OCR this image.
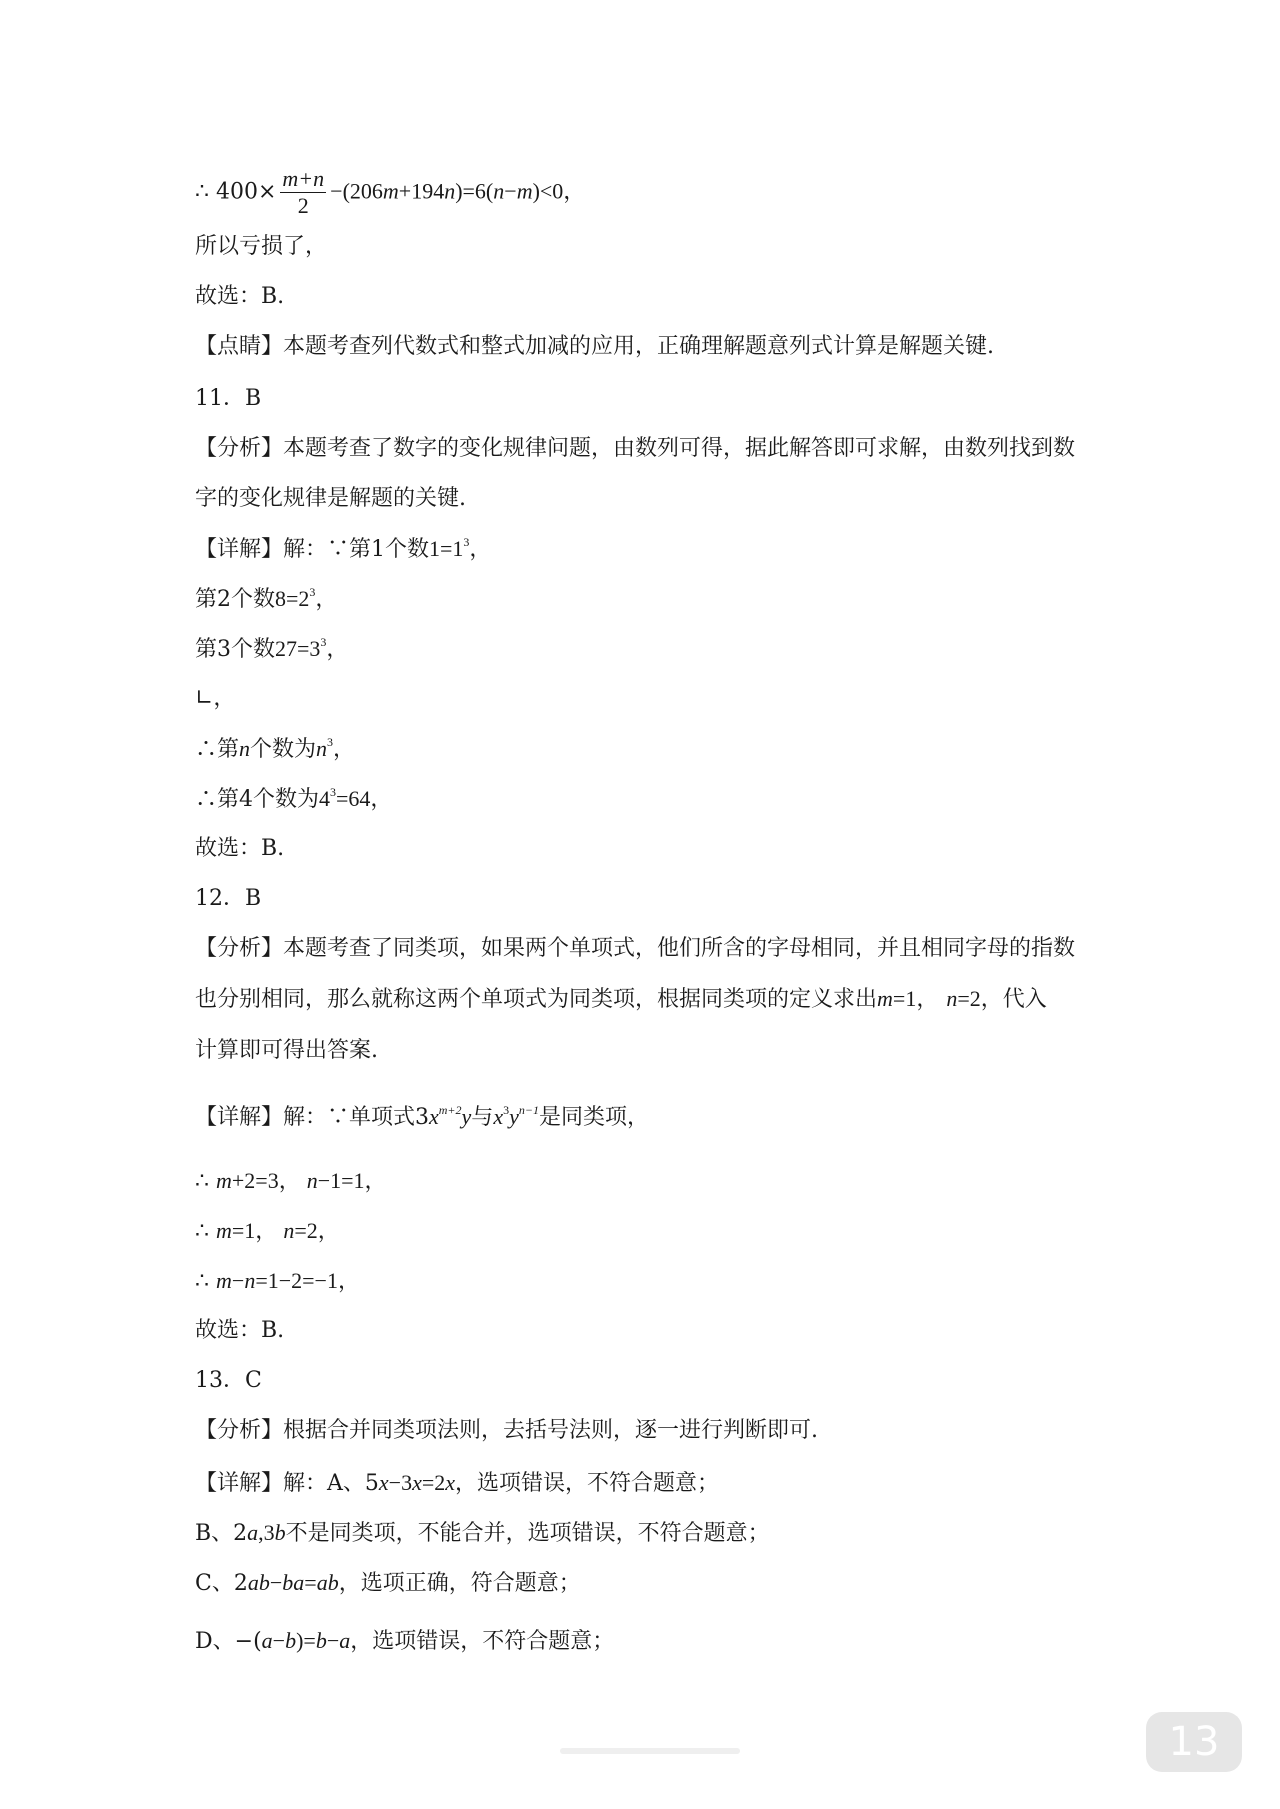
∴ $400\times \frac{m+n}{2} -(206m+194n)=6(n-m)<0$，
所以亏损了，
故选：B.
【点睛】本题考查列代数式和整式加减的应用，正确理解题意列式计算是解题关键.
11．B
【分析】本题考查了数字的变化规律问题，由数列可得，据此解答即可求解，由数列找到数
字的变化规律是解题的关键.
【详解】解：∵第1个数$1=1^3$，
第2个数$8=2^3$，
第3个数$27=3^3$，
∟，
∴第n个数为$n^3$，
∴第4个数为$4^3=64$，
故选：B.
12．B
【分析】本题考查了同类项，如果两个单项式，他们所含的字母相同，并且相同字母的指数
也分别相同，那么就称这两个单项式为同类项，根据同类项的定义求出m=1， n=2，代入
计算即可得出答案.
【详解】解：∵单项式$3x^{m+2}y$与$x^3y^{n-1}$是同类项，
∴ m+2=3， n−1=1，
∴ m=1， n=2，
∴ m−n=1−2=−1，
故选：B.
13．C
【分析】根据合并同类项法则，去括号法则，逐一进行判断即可.
【详解】解：A、5x−3x=2x，选项错误，不符合题意；
B、2a,3b不是同类项，不能合并，选项错误，不符合题意；
C、2ab−ba=ab，选项正确，符合题意；
D、−(a−b)=b−a，选项错误，不符合题意；
13
